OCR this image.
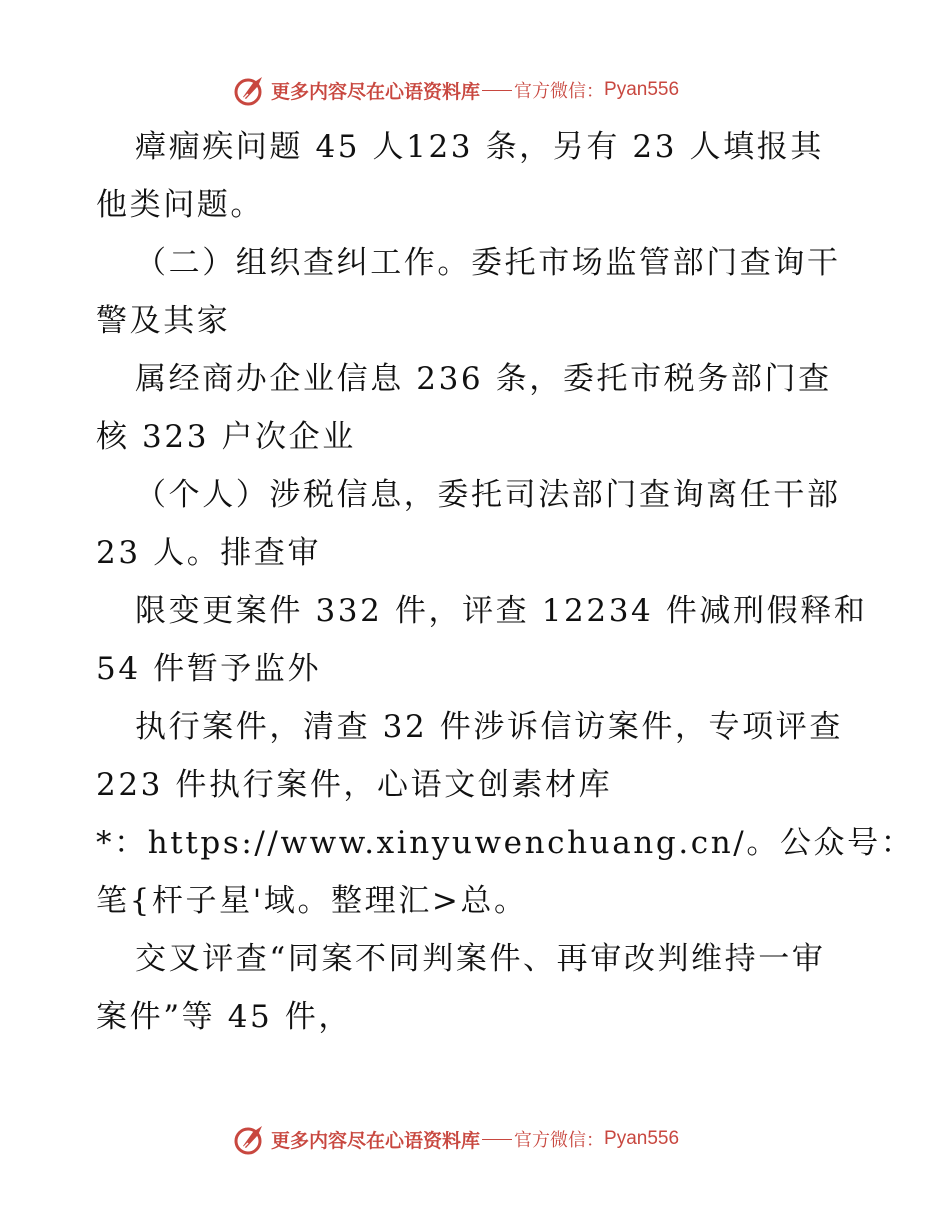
更多内容尽在心语资料库 官方微信： Pyan556
瘴痼疾问题 45 人123 条，另有 23 人填报其
他类问题。
（二）组织查纠工作。委托市场监管部门查询干
警及其家
属经商办企业信息 236 条，委托市税务部门查
核 323 户次企业
（个人）涉税信息，委托司法部门查询离任干部
23 人。排查审
限变更案件 332 件，评查 12234 件减刑假释和
54 件暂予监外
执行案件，清查 32 件涉诉信访案件，专项评查
223 件执行案件，心语文创素材库
*：https://www.xinyuwenchuang.cn/。公众号：
笔{杆子星'域。整理汇>总。
交叉评查“同案不同判案件、再审改判维持一审
案件”等 45 件，
更多内容尽在心语资料库 官方微信： Pyan556
